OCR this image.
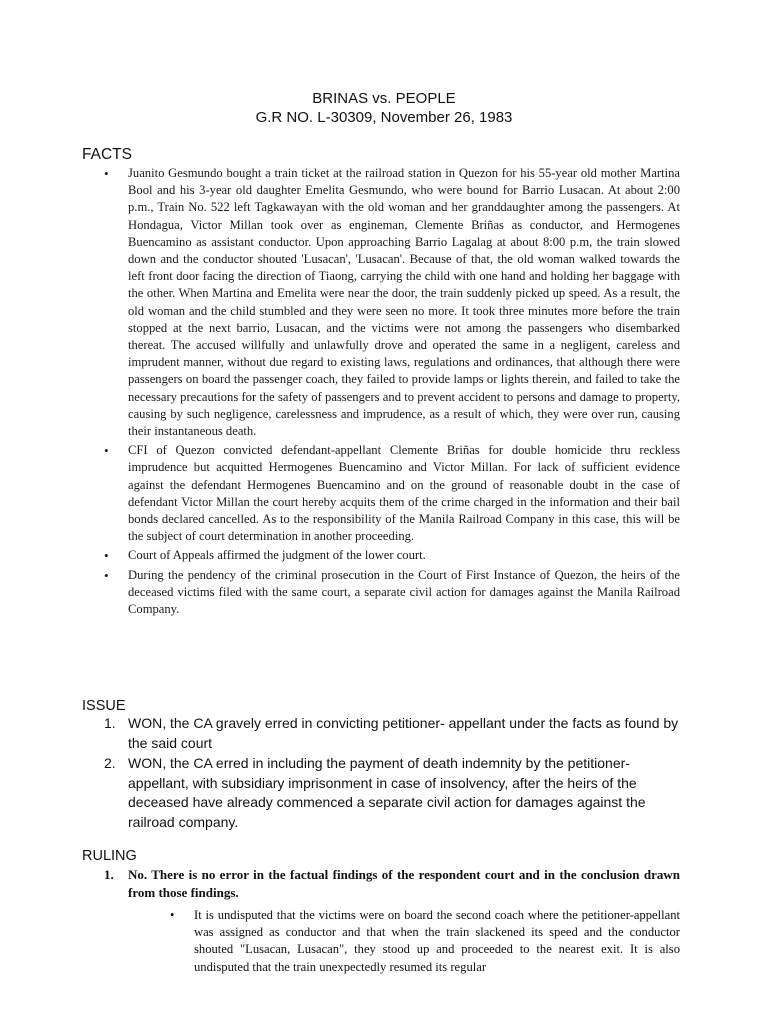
BRINAS vs. PEOPLE
G.R NO. L-30309, November 26, 1983
FACTS
• Juanito Gesmundo bought a train ticket at the railroad station in Quezon for his 55-year old mother Martina Bool and his 3-year old daughter Emelita Gesmundo, who were bound for Barrio Lusacan. At about 2:00 p.m., Train No. 522 left Tagkawayan with the old woman and her granddaughter among the passengers. At Hondagua, Victor Millan took over as engineman, Clemente Briñas as conductor, and Hermogenes Buencamino as assistant conductor. Upon approaching Barrio Lagalag at about 8:00 p.m, the train slowed down and the conductor shouted 'Lusacan', 'Lusacan'. Because of that, the old woman walked towards the left front door facing the direction of Tiaong, carrying the child with one hand and holding her baggage with the other. When Martina and Emelita were near the door, the train suddenly picked up speed. As a result, the old woman and the child stumbled and they were seen no more. It took three minutes more before the train stopped at the next barrio, Lusacan, and the victims were not among the passengers who disembarked thereat. The accused willfully and unlawfully drove and operated the same in a negligent, careless and imprudent manner, without due regard to existing laws, regulations and ordinances, that although there were passengers on board the passenger coach, they failed to provide lamps or lights therein, and failed to take the necessary precautions for the safety of passengers and to prevent accident to persons and damage to property, causing by such negligence, carelessness and imprudence, as a result of which, they were over run, causing their instantaneous death.
• CFI of Quezon convicted defendant-appellant Clemente Briñas for double homicide thru reckless imprudence but acquitted Hermogenes Buencamino and Victor Millan. For lack of sufficient evidence against the defendant Hermogenes Buencamino and on the ground of reasonable doubt in the case of defendant Victor Millan the court hereby acquits them of the crime charged in the information and their bail bonds declared cancelled. As to the responsibility of the Manila Railroad Company in this case, this will be the subject of court determination in another proceeding.
• Court of Appeals affirmed the judgment of the lower court.
• During the pendency of the criminal prosecution in the Court of First Instance of Quezon, the heirs of the deceased victims filed with the same court, a separate civil action for damages against the Manila Railroad Company.
ISSUE
1. WON, the CA gravely erred in convicting petitioner- appellant under the facts as found by the said court
2. WON, the CA erred in including the payment of death indemnity by the petitioner-appellant, with subsidiary imprisonment in case of insolvency, after the heirs of the deceased have already commenced a separate civil action for damages against the railroad company.
RULING
1. No. There is no error in the factual findings of the respondent court and in the conclusion drawn from those findings.
• It is undisputed that the victims were on board the second coach where the petitioner-appellant was assigned as conductor and that when the train slackened its speed and the conductor shouted "Lusacan, Lusacan", they stood up and proceeded to the nearest exit. It is also undisputed that the train unexpectedly resumed its regular
